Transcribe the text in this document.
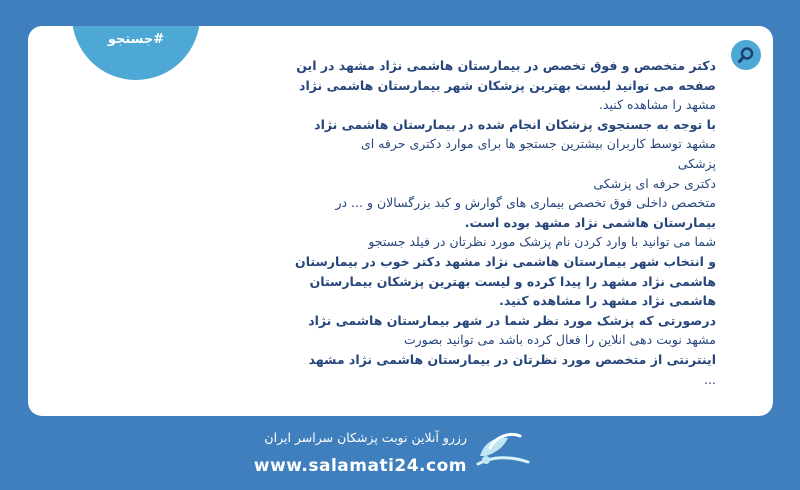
#جستجو
دکتر متخصص و فوق تخصص در بیمارستان هاشمی نژاد مشهد در این
صفحه می توانید لیست بهترین پزشکان شهر بیمارستان هاشمی نژاد
مشهد را مشاهده کنید.
با توجه به جستجوی پزشکان انجام شده در بیمارستان هاشمی نژاد
مشهد توسط کاربران بیشترین جستجو ها برای موارد دکتری حرفه ای
پزشکی
دکتری حرفه ای پزشکی
متخصص داخلی فوق تخصص بیماری های گوارش و کبد بزرگسالان و ... در
بیمارستان هاشمی نژاد مشهد بوده است.
شما می توانید با وارد کردن نام پزشک مورد نظرتان در فیلد جستجو
و انتخاب شهر بیمارستان هاشمی نژاد مشهد دکتر خوب در بیمارستان
هاشمی نژاد مشهد را پیدا کرده و لیست بهترین پزشکان بیمارستان
هاشمی نژاد مشهد را مشاهده کنید.
درصورتی که پزشک مورد نظر شما در شهر بیمارستان هاشمی نژاد
مشهد نوبت دهی انلاین را فعال کرده باشد می توانید بصورت
اینترنتی از متخصص مورد نظرتان در بیمارستان هاشمی نژاد مشهد
...
رزرو آنلاین نوبت پزشکان سراسر ایران
www.salamati24.com
